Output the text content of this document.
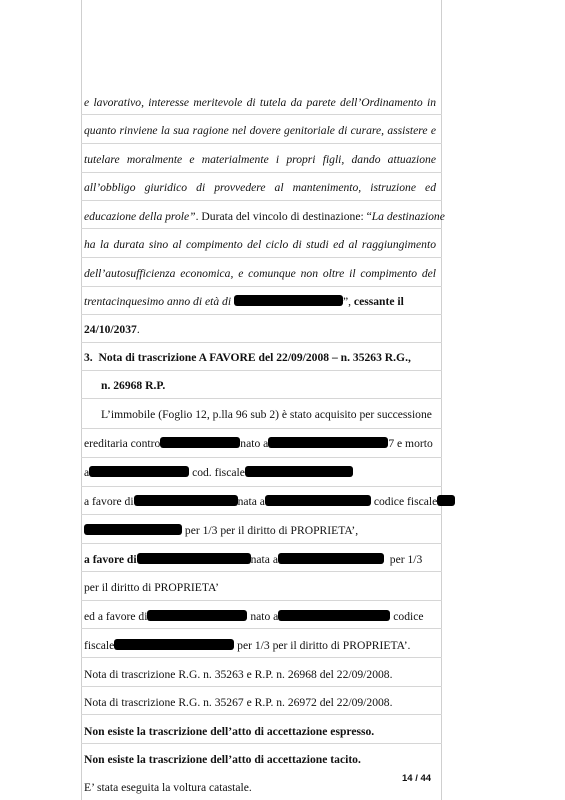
e lavorativo, interesse meritevole di tutela da parete dell’Ordinamento in
quanto rinviene la sua ragione nel dovere genitoriale di curare, assistere e
tutelare moralmente e materialmente i propri figli, dando attuazione
all’obbligo giuridico di provvedere al mantenimento, istruzione ed
educazione della prole”. Durata del vincolo di destinazione: “La destinazione
ha la durata sino al compimento del ciclo di studi ed al raggiungimento
dell’autosufficienza economica, e comunque non oltre il compimento del
trentacinquesimo anno di età di	”, cessante il
24/10/2037.
3. Nota di trascrizione A FAVORE del 22/09/2008 – n. 35263 R.G.,
n. 26968 R.P.
L’immobile (Foglio 12, p.lla 96 sub 2) è stato acquisito per successione
ereditaria contro	nato a	7 e morto
a	cod. fiscale
a favore di	nata a	codice fiscale
per 1/3 per il diritto di PROPRIETA’,
a favore di	nata a	per 1/3
per il diritto di PROPRIETA’
ed a favore di	nato a	codice
fiscale	per 1/3 per il diritto di PROPRIETA’.
Nota di trascrizione R.G. n. 35263 e R.P. n. 26968 del 22/09/2008.
Nota di trascrizione R.G. n. 35267 e R.P. n. 26972 del 22/09/2008.
Non esiste la trascrizione dell’atto di accettazione espresso.
Non esiste la trascrizione dell’atto di accettazione tacito.
E’ stata eseguita la voltura catastale.
14 / 44
